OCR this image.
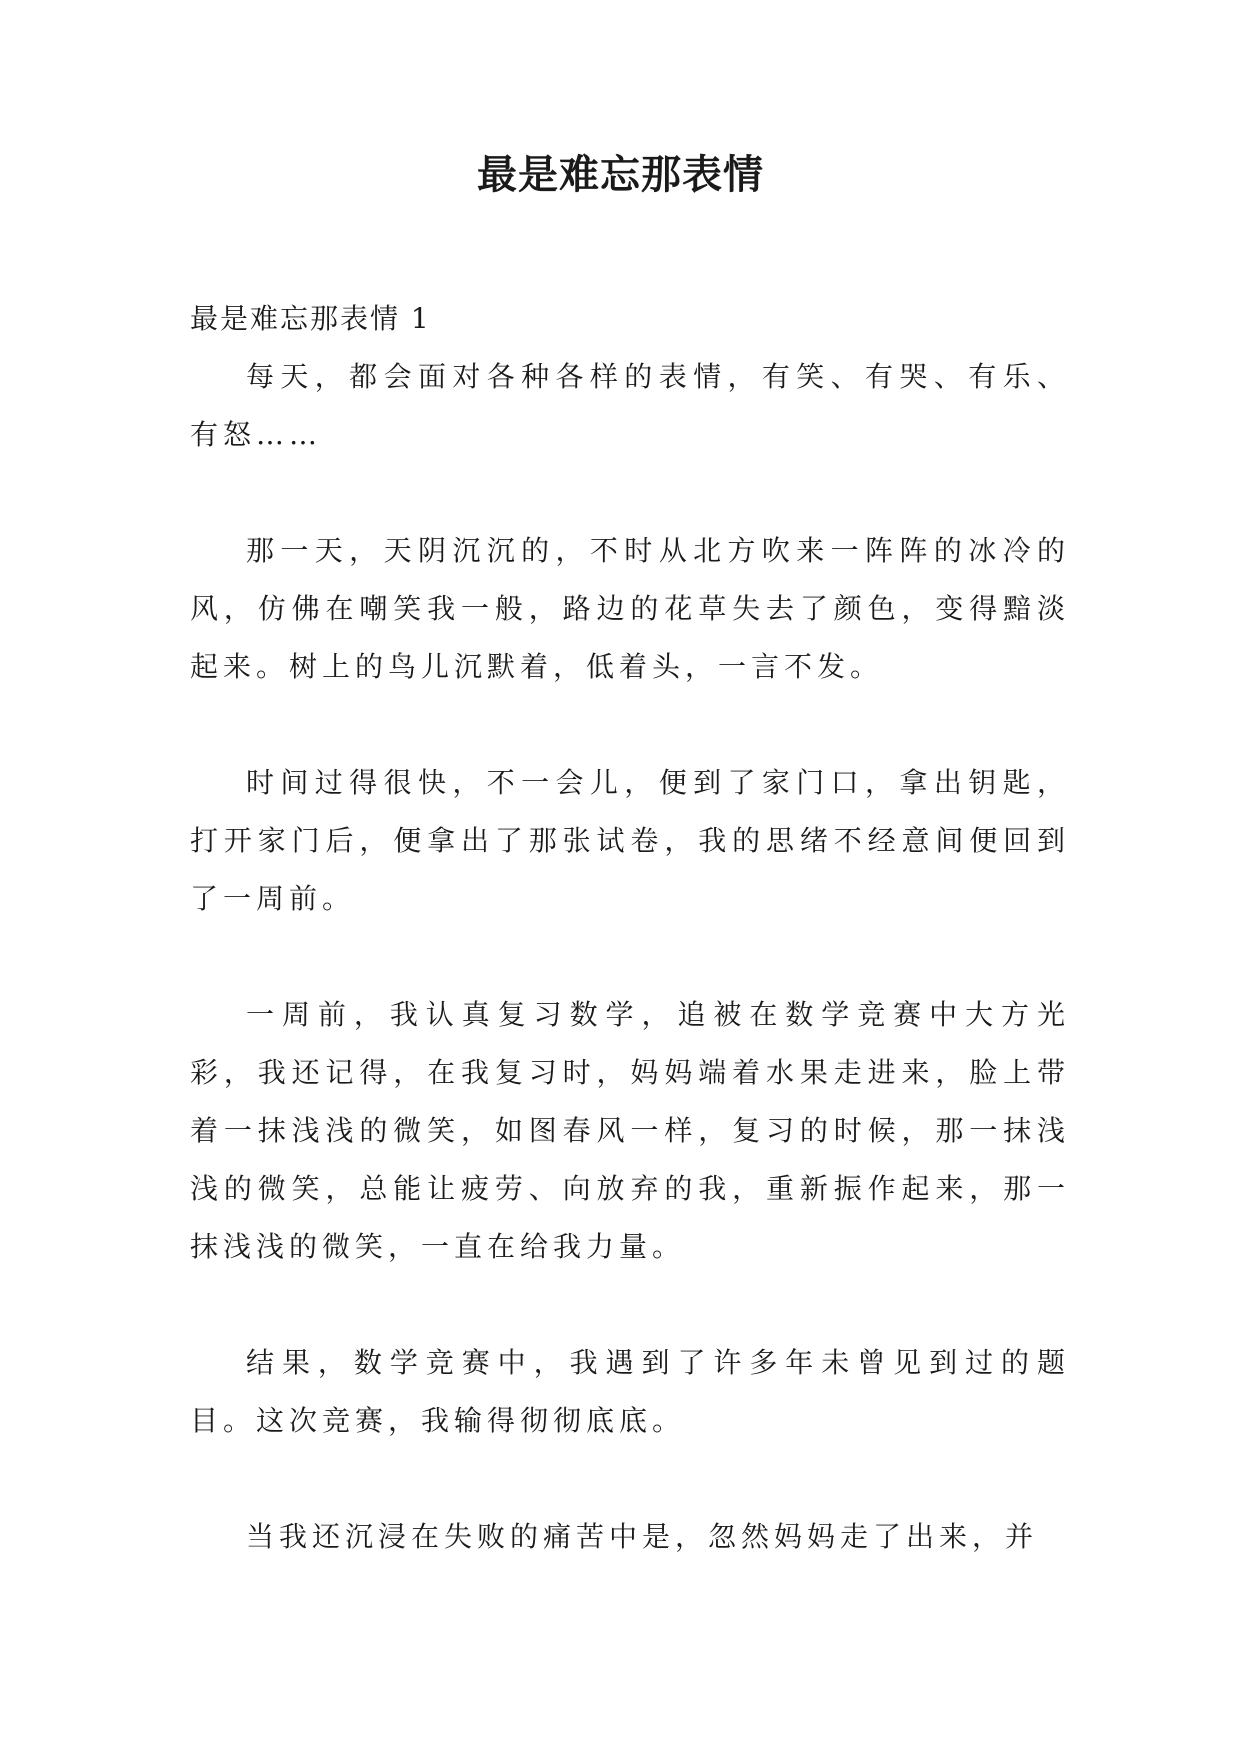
最是难忘那表情

最是难忘那表情 1

每天，都会面对各种各样的表情，有笑、有哭、有乐、有怒……

那一天，天阴沉沉的，不时从北方吹来一阵阵的冰冷的风，仿佛在嘲笑我一般，路边的花草失去了颜色，变得黯淡起来。树上的鸟儿沉默着，低着头，一言不发。

时间过得很快，不一会儿，便到了家门口，拿出钥匙，打开家门后，便拿出了那张试卷，我的思绪不经意间便回到了一周前。

一周前，我认真复习数学，追被在数学竞赛中大方光彩，我还记得，在我复习时，妈妈端着水果走进来，脸上带着一抹浅浅的微笑，如图春风一样，复习的时候，那一抹浅浅的微笑，总能让疲劳、向放弃的我，重新振作起来，那一抹浅浅的微笑，一直在给我力量。

结果，数学竞赛中，我遇到了许多年未曾见到过的题目。这次竞赛，我输得彻彻底底。

当我还沉浸在失败的痛苦中是，忽然妈妈走了出来，并
